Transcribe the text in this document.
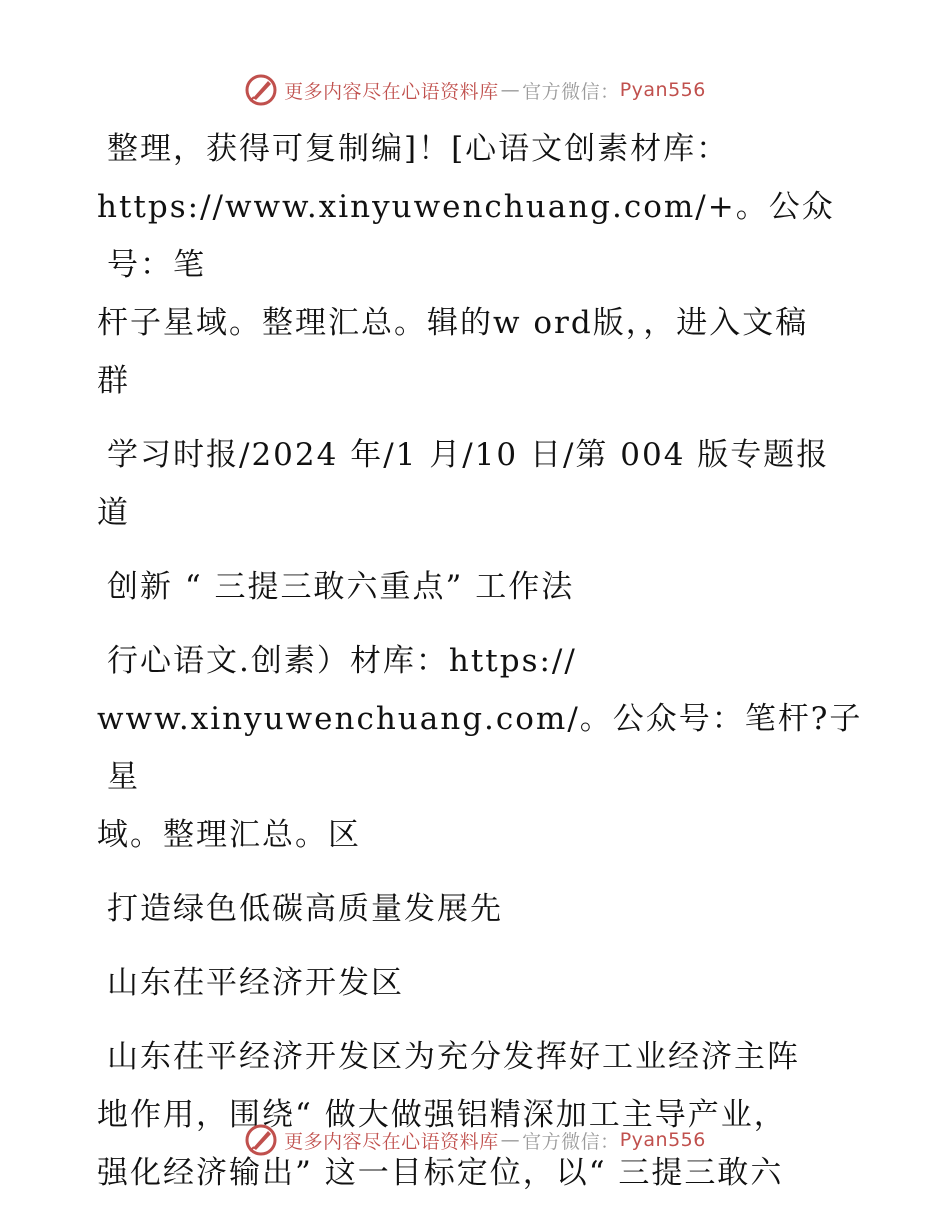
更多内容尽在心语资料库 — 官方微信： Pyan556

整理，获得可复制编]！[心语文创素材库：
https://www.xinyuwenchuang.com/+。公众号：笔
杆子星域。整理汇总。辑的w ord版，，进入文稿
群

学习时报/2024 年/1 月/10 日/第 004 版专题报
道

创新 “ 三提三敢六重点” 工作法

行心语文.创素）材库：https://
www.xinyuwenchuang.com/。公众号：笔杆?子星
域。整理汇总。区

打造绿色低碳高质量发展先

山东茌平经济开发区

山东茌平经济开发区为充分发挥好工业经济主阵
地作用，围绕“ 做大做强铝精深加工主导产业，
强化经济输出” 这一目标定位，以“ 三提三敢六

更多内容尽在心语资料库 — 官方微信： Pyan556
